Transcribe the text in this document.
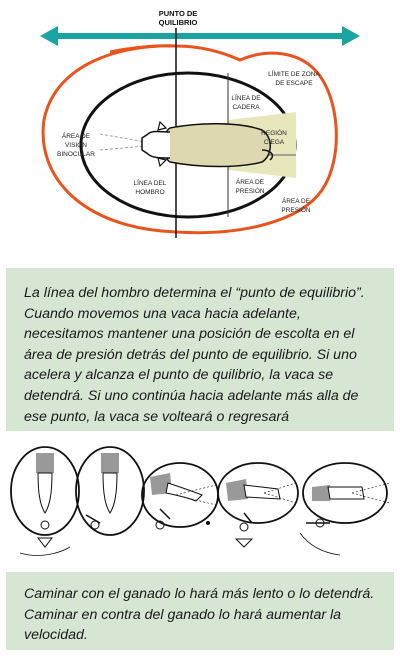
PUNTO DE
QUILIBRIO
LÍMITE DE ZONA
DE ESCAPE
LÍNEA DE
CADERA
REGIÓN
CIEGA
ÁREA DE
VISIÓN
BINOCULAR
LÍNEA DEL
HOMBRO
ÁREA DE
PRESIÓN
ÁREA DE
PRESIÓN
La línea del hombro determina el “punto de equilibrio”. Cuando movemos una vaca hacia adelante, necesitamos mantener una posición de escolta en el área de presión detrás del punto de equilibrio. Si uno acelera y alcanza el punto de quilibrio, la vaca se detendrá. Si uno continúa hacia adelante más alla de ese punto, la vaca se volteará o regresará
Caminar con el ganado lo hará más lento o lo detendrá. Caminar en contra del ganado lo hará aumentar la velocidad.
